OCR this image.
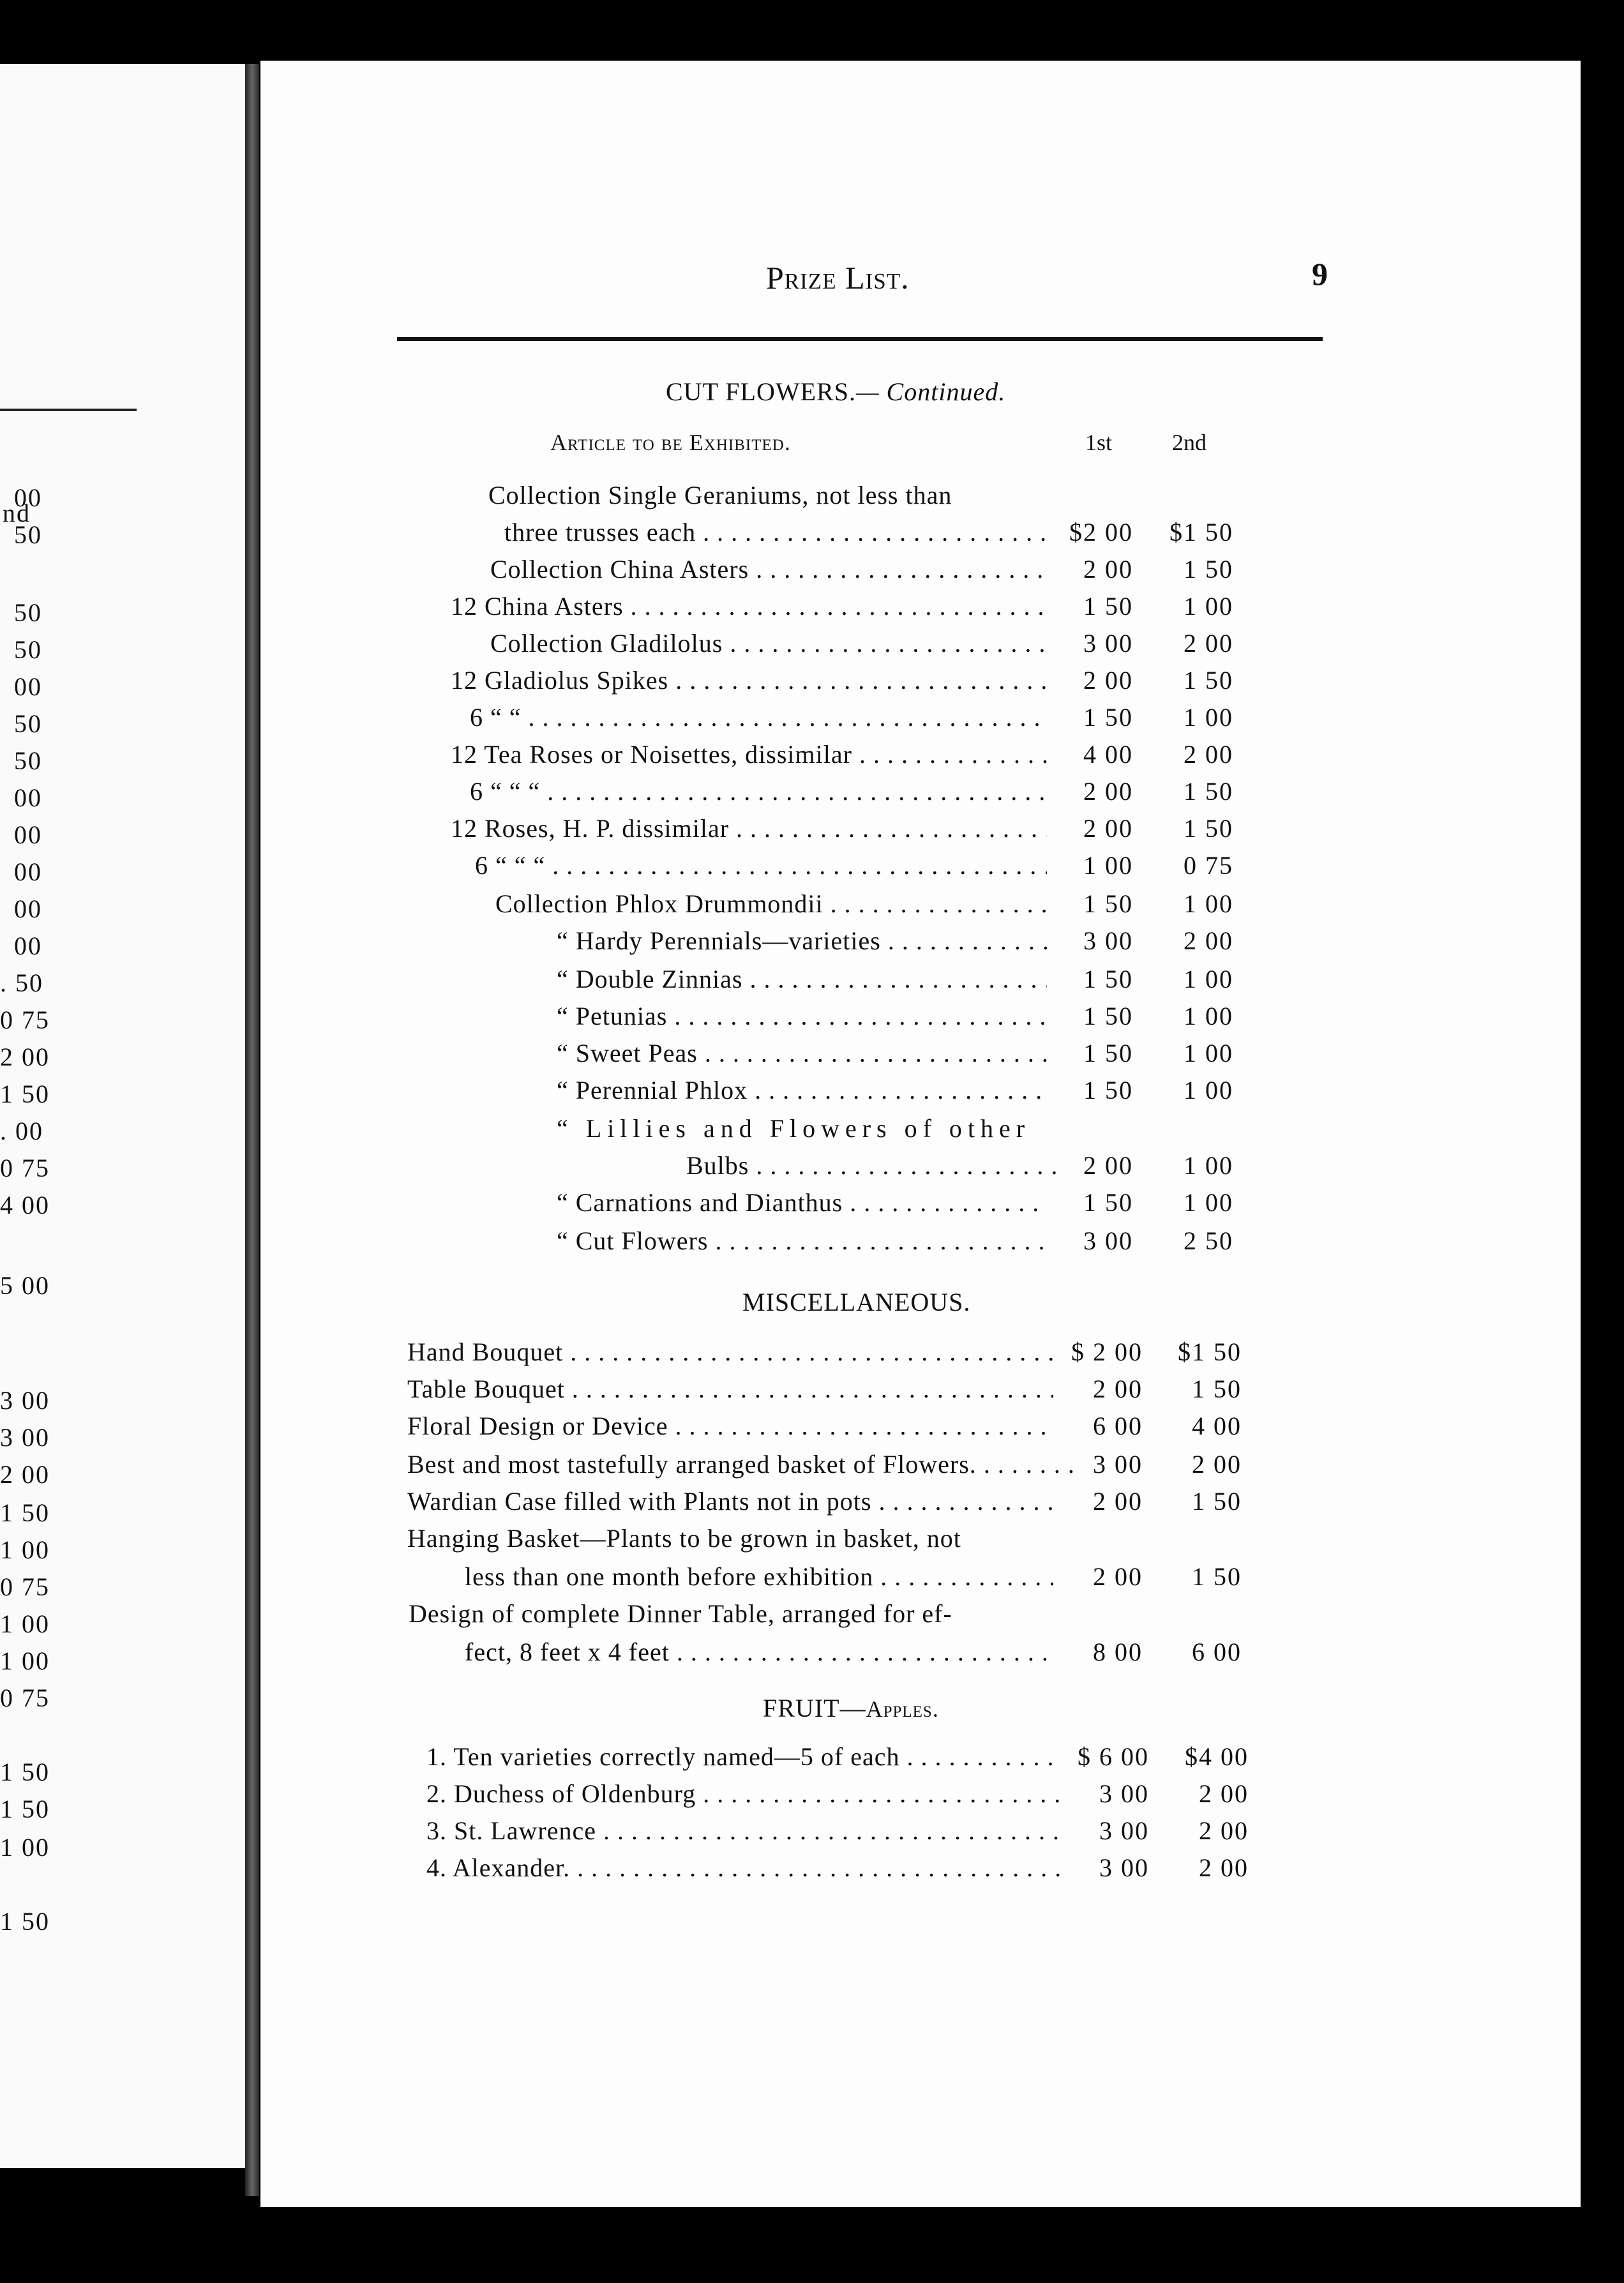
nd
00
50
50
50
00
50
50
00
00
00
00
00
. 50
0 75
2 00
1 50
. 00
0 75
4 00
5 00
3 00
3 00
2 00
1 50
1 00
0 75
1 00
1 00
0 75
1 50
1 50
1 00
1 50
Prize List.	9
CUT FLOWERS.— Continued.
Article to be Exhibited.	1st	2nd
Collection Single Geraniums, not less than
three trusses each . . .	$2 00 $1 50
Collection China Asters . . .	2 00 1 50
12 China Asters . . .	1 50 1 00
Collection Gladilolus . . .	3 00 2 00
12 Gladiolus Spikes . . .	2 00 1 50
6 “ “ . . .	1 50 1 00
12 Tea Roses or Noisettes, dissimilar . . .	4 00 2 00
6 “ “ “ . . .	2 00 1 50
12 Roses, H. P. dissimilar . . .	2 00 1 50
6 “ “ “ . . .	1 00 0 75
Collection Phlox Drummondii . . .	1 50 1 00
“ Hardy Perennials—varieties . . .	3 00 2 00
“ Double Zinnias . . .	1 50 1 00
“ Petunias . . .	1 50 1 00
“ Sweet Peas . . .	1 50 1 00
“ Perennial Phlox . . .	1 50 1 00
“ Lillies and Flowers of other
Bulbs . . .	2 00 1 00
“ Carnations and Dianthus . . .	1 50 1 00
“ Cut Flowers . . .	3 00 2 50
MISCELLANEOUS.
Hand Bouquet . . .	$ 2 00 $1 50
Table Bouquet . . .	2 00 1 50
Floral Design or Device . . .	6 00 4 00
Best and most tastefully arranged basket of Flowers. . . .	3 00 2 00
Wardian Case filled with Plants not in pots . . .	2 00 1 50
Hanging Basket—Plants to be grown in basket, not
less than one month before exhibition . . .	2 00 1 50
Design of complete Dinner Table, arranged for ef-
fect, 8 feet x 4 feet . . .	8 00 6 00
FRUIT—Apples.
1. Ten varieties correctly named—5 of each . . .	$ 6 00 $4 00
2. Duchess of Oldenburg . . .	3 00 2 00
3. St. Lawrence . . .	3 00 2 00
4. Alexander. . . .	3 00 2 00
